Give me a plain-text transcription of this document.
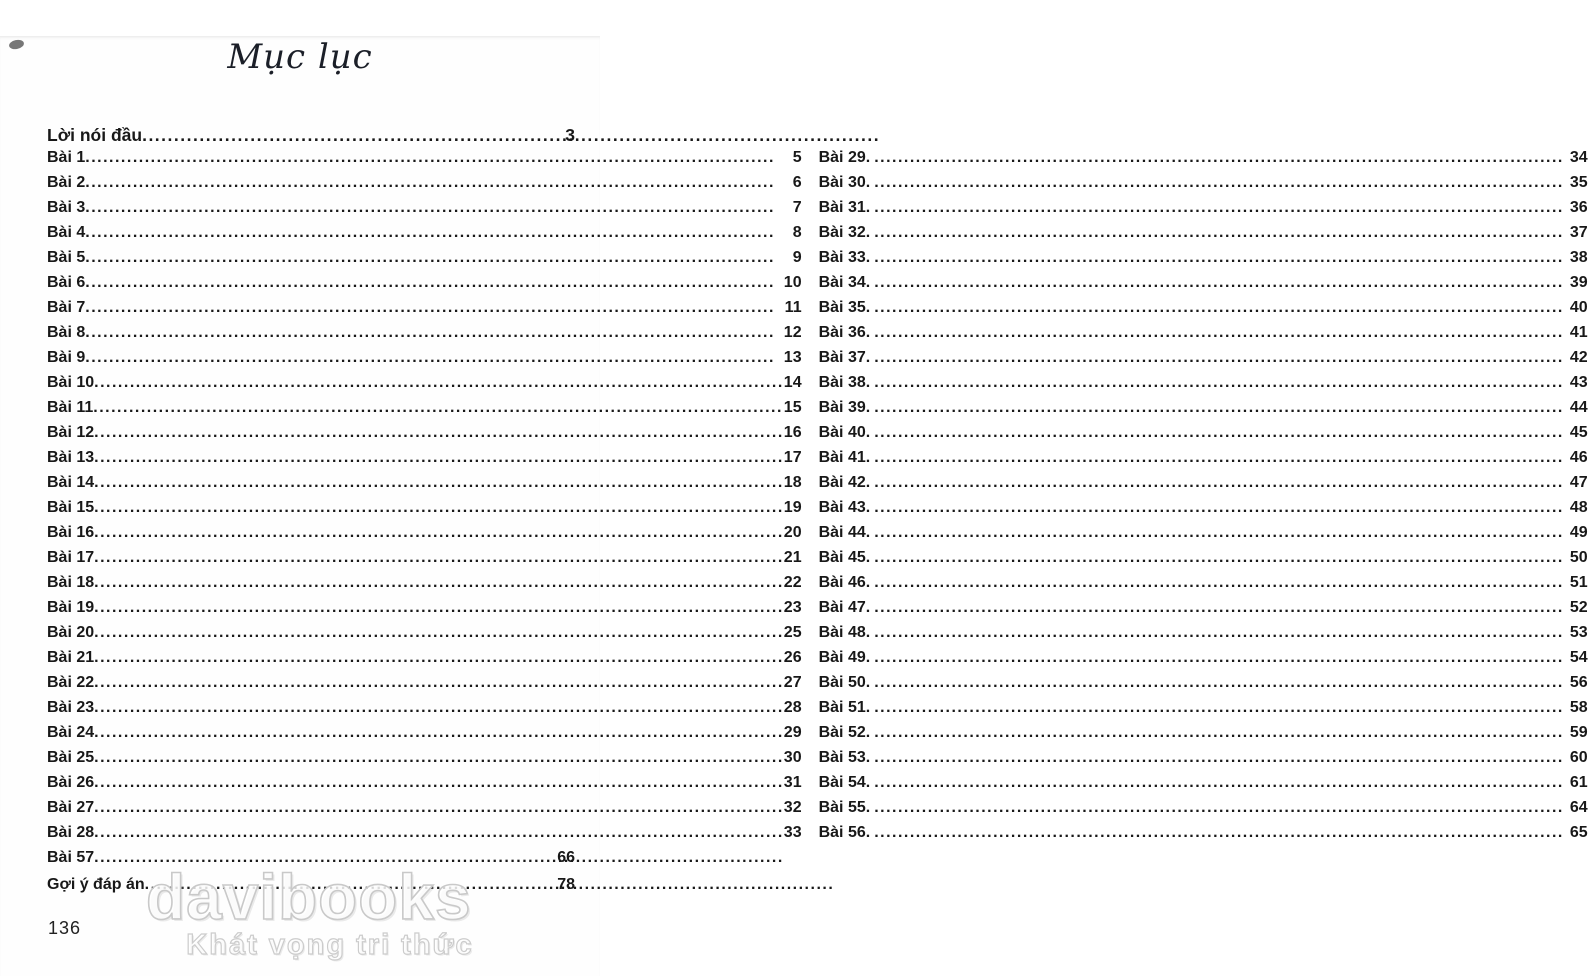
Mục lục
Lời nói đầu .....	3
Bài 1 .....	5
Bài 2 .....	6
Bài 3 .....	7
Bài 4 .....	8
Bài 5 .....	9
Bài 6 .....	10
Bài 7 .....	11
Bài 8 .....	12
Bài 9 .....	13
Bài 10 .....	14
Bài 11 .....	15
Bài 12 .....	16
Bài 13 .....	17
Bài 14 .....	18
Bài 15 .....	19
Bài 16 .....	20
Bài 17 .....	21
Bài 18 .....	22
Bài 19 .....	23
Bài 20 .....	25
Bài 21 .....	26
Bài 22 .....	27
Bài 23 .....	28
Bài 24 .....	29
Bài 25 .....	30
Bài 26 .....	31
Bài 27 .....	32
Bài 28 .....	33
Bài 29. .....	34
Bài 30. .....	35
Bài 31. .....	36
Bài 32. .....	37
Bài 33. .....	38
Bài 34. .....	39
Bài 35. .....	40
Bài 36. .....	41
Bài 37. .....	42
Bài 38. .....	43
Bài 39. .....	44
Bài 40. .....	45
Bài 41. .....	46
Bài 42. .....	47
Bài 43. .....	48
Bài 44. .....	49
Bài 45. .....	50
Bài 46. .....	51
Bài 47. .....	52
Bài 48. .....	53
Bài 49. .....	54
Bài 50. .....	56
Bài 51. .....	58
Bài 52. .....	59
Bài 53. .....	60
Bài 54. .....	61
Bài 55. .....	64
Bài 56. .....	65
Bài 57 .....	66
Gợi ý đáp án .....	78
davibooks
Khát vọng tri thức
136
